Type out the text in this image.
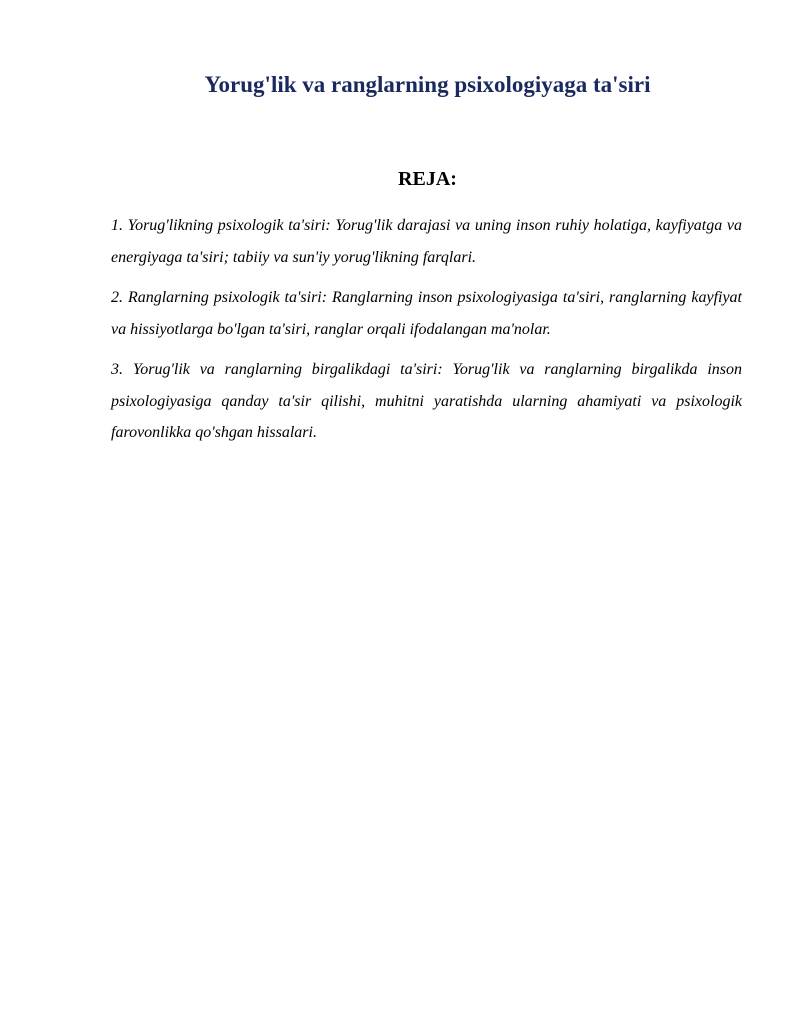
Yorug'lik va ranglarning psixologiyaga ta'siri
REJA:
1. Yorug'likning psixologik ta'siri: Yorug'lik darajasi va uning inson ruhiy holatiga, kayfiyatga va energiyaga ta'siri; tabiiy va sun'iy yorug'likning farqlari.
2. Ranglarning psixologik ta'siri: Ranglarning inson psixologiyasiga ta'siri, ranglarning kayfiyat va hissiyotlarga bo'lgan ta'siri, ranglar orqali ifodalangan ma'nolar.
3. Yorug'lik va ranglarning birgalikdagi ta'siri: Yorug'lik va ranglarning birgalikda inson psixologiyasiga qanday ta'sir qilishi, muhitni yaratishda ularning ahamiyati va psixologik farovonlikka qo'shgan hissalari.
